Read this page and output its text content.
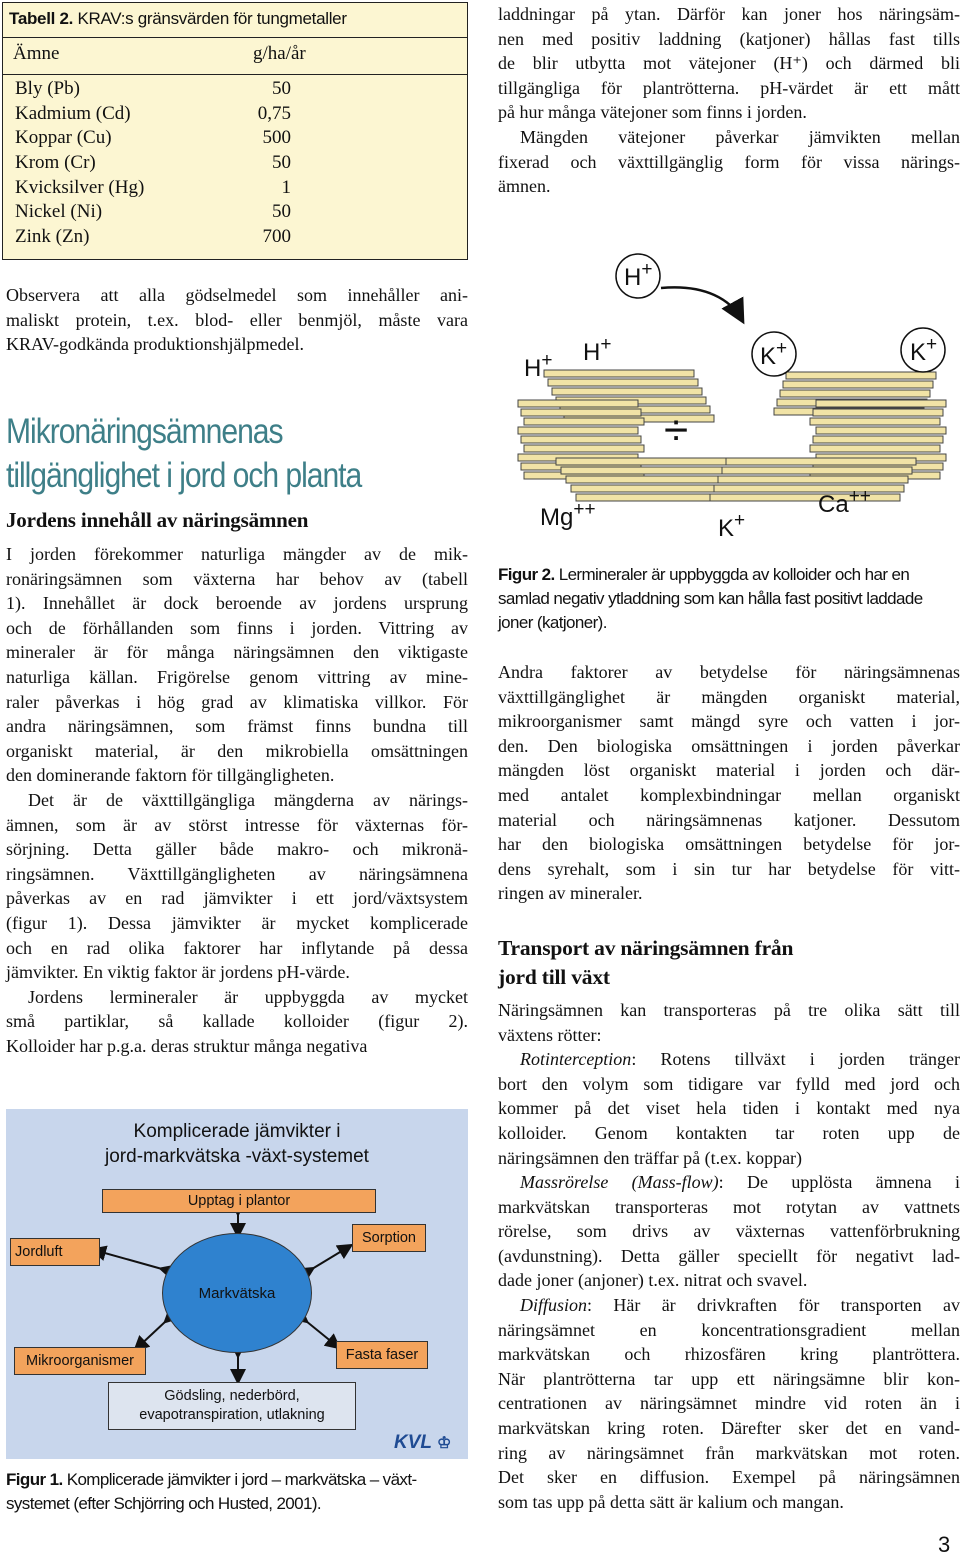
Tabell 2. KRAV:s gränsvärden för tungmetaller
Ämne	g/ha/år
Bly (Pb)	50
Kadmium (Cd)	0,75
Koppar (Cu)	500
Krom (Cr)	50
Kvicksilver (Hg)	1
Nickel (Ni)	50
Zink (Zn)	700
Observera att alla gödselmedel som innehåller ani-
maliskt protein, t.ex. blod- eller benmjöl, måste vara
KRAV-godkända produktionshjälpmedel.
Mikronäringsämnenas
tillgänglighet i jord och planta
Jordens innehåll av näringsämnen
I jorden förekommer naturliga mängder av de mik-
ronäringsämnen som växterna har behov av (tabell
1). Innehållet är dock beroende av jordens ursprung
och de förhållanden som finns i jorden. Vittring av
mineraler är för många näringsämnen den viktigaste
naturliga källan. Frigörelse genom vittring av mine-
raler påverkas i hög grad av klimatiska villkor. För
andra näringsämnen, som främst finns bundna till
organiskt material, är den mikrobiella omsättningen
den dominerande faktorn för tillgängligheten.
Det är de växttillgängliga mängderna av närings-
ämnen, som är av störst intresse för växternas för-
sörjning. Detta gäller både makro- och mikronä-
ringsämnen. Växttillgängligheten av näringsämnena
påverkas av en rad jämvikter i ett jord/växtsystem
(figur 1). Dessa jämvikter är mycket komplicerade
och en rad olika faktorer har inflytande på dessa
jämvikter. En viktig faktor är jordens pH-värde.
Jordens lermineraler är uppbyggda av mycket
små partiklar, så kallade kolloider (figur 2).
Kolloider har p.g.a. deras struktur många negativa
Komplicerade jämvikter i
jord-markvätska -växt-systemet
Upptag i plantor
Jordluft
Sorption
Markvätska
Mikroorganismer	Fasta faser
Gödsling, nederbörd,
evapotranspiration, utlakning
KVL ♔
Figur 1. Komplicerade jämvikter i jord – markvätska – växt-
systemet (efter Schjörring och Husted, 2001).
laddningar på ytan. Därför kan joner hos näringsäm-
nen med positiv laddning (katjoner) hållas fast tills
de blir utbytta mot vätejoner (H⁺) och därmed bli
tillgängliga för plantrötterna. pH-värdet är ett mått
på hur många vätejoner som finns i jorden.
Mängden vätejoner påverkar jämvikten mellan
fixerad och växttillgänglig form för vissa närings-
ämnen.
H+
H+ H+	K+	K+
Mg++
K+
Ca++
÷
Figur 2. Lermineraler är uppbyggda av kolloider och har en
samlad negativ ytladdning som kan hålla fast positivt laddade
joner (katjoner).
Andra faktorer av betydelse för näringsämnenas
växttillgänglighet är mängden organiskt material,
mikroorganismer samt mängd syre och vatten i jor-
den. Den biologiska omsättningen i jorden påverkar
mängden löst organiskt material i jorden och där-
med antalet komplexbindningar mellan organiskt
material och näringsämnenas katjoner. Dessutom
har den biologiska omsättningen betydelse för jor-
dens syrehalt, som i sin tur har betydelse för vitt-
ringen av mineraler.
Transport av näringsämnen från
jord till växt
Näringsämnen kan transporteras på tre olika sätt till
växtens rötter:
Rotinterception: Rotens tillväxt i jorden tränger
bort den volym som tidigare var fylld med jord och
kommer på det viset hela tiden i kontakt med nya
kolloider. Genom kontakten tar roten upp de
näringsämnen den träffar på (t.ex. koppar)
Massrörelse (Mass-flow): De upplösta ämnena i
markvätskan transporteras mot rotytan av vattnets
rörelse, som drivs av växternas vattenförbrukning
(avdunstning). Detta gäller speciellt för negativt lad-
dade joner (anjoner) t.ex. nitrat och svavel.
Diffusion: Här är drivkraften för transporten av
näringsämnet en koncentrationsgradient mellan
markvätskan och rhizosfären kring plantröttera.
När plantrötterna tar upp ett näringsämne blir kon-
centrationen av näringsämnet mindre vid roten än i
markvätskan kring roten. Därefter sker det en vand-
ring av näringsämnet från markvätskan mot roten.
Det sker en diffusion. Exempel på näringsämnen
som tas upp på detta sätt är kalium och mangan.
3
